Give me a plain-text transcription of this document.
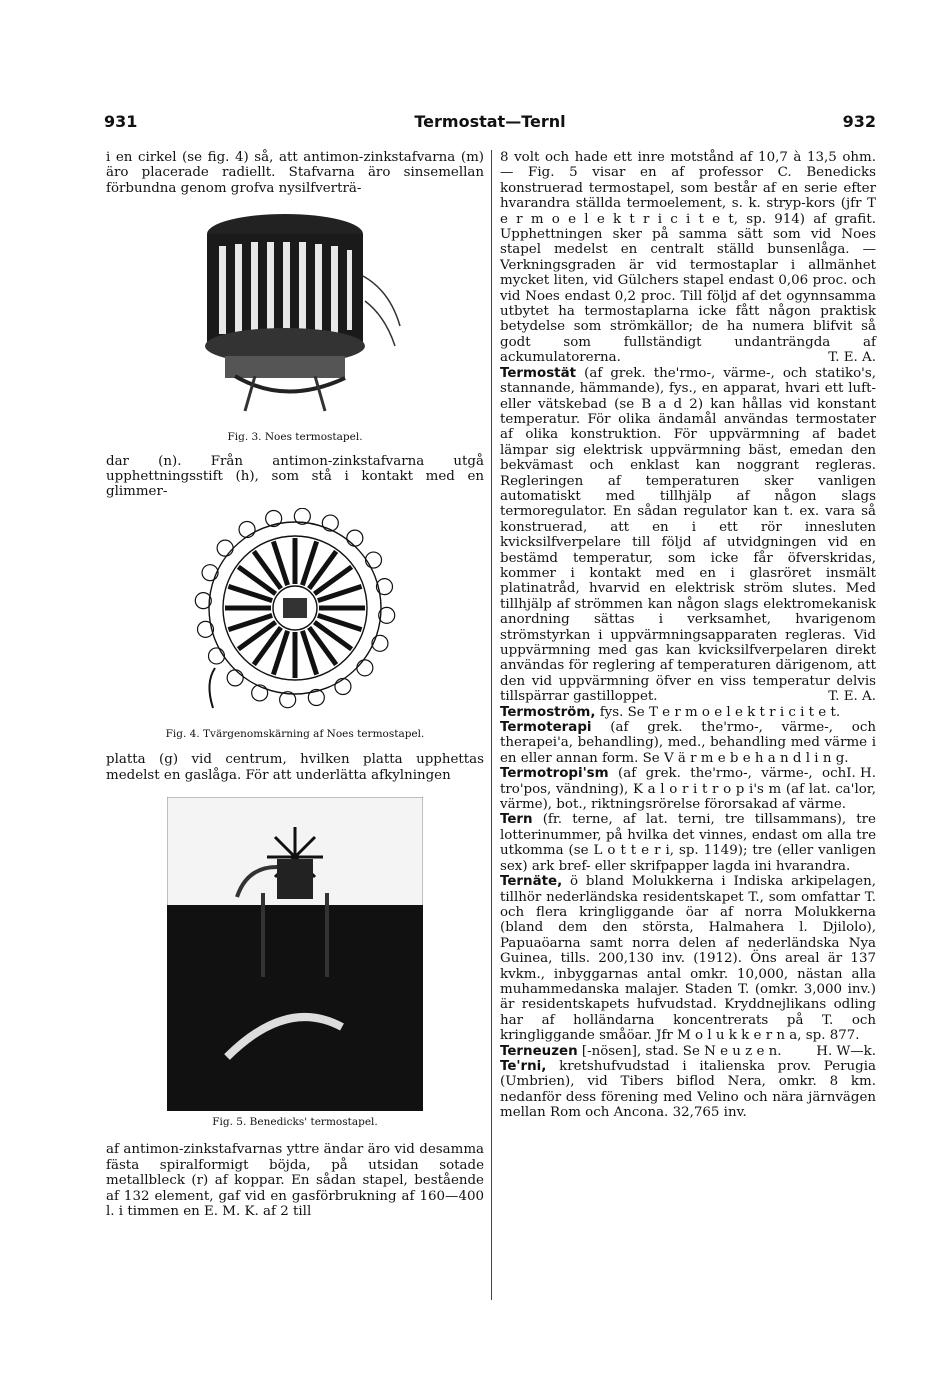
931	Termostat—Ternl	932

i en cirkel (se fig. 4) så, att antimon-zinkstafvarna (m) äro placerade radiellt. Stafvarna äro sinsemellan förbundna genom grofva nysilfverträ-

Fig. 3. Noes termostapel.

dar (n). Från antimon-zinkstafvarna utgå upphettningsstift (h), som stå i kontakt med en glimmer-

Fig. 4. Tvärgenomskärning af Noes termostapel.

platta (g) vid centrum, hvilken platta upphettas medelst en gaslåga. För att underlätta afkylningen

Fig. 5. Benedicks' termostapel.

af antimon-zinkstafvarnas yttre ändar äro vid desamma fästa spiralformigt böjda, på utsidan sotade metallbleck (r) af koppar. En sådan stapel, bestående af 132 element, gaf vid en gasförbrukning af 160—400 l. i timmen en E. M. K. af 2 till

8 volt och hade ett inre motstånd af 10,7 à 13,5 ohm. — Fig. 5 visar en af professor C. Benedicks konstruerad termostapel, som består af en serie efter hvarandra ställda termoelement, s. k. stryp-kors (jfr T e r m o e l e k t r i c i t e t, sp. 914) af grafit. Upphettningen sker på samma sätt som vid Noes stapel medelst en centralt ställd bunsenlåga. — Verkningsgraden är vid termostaplar i allmänhet mycket liten, vid Gülchers stapel endast 0,06 proc. och vid Noes endast 0,2 proc. Till följd af det ogynnsamma utbytet ha termostaplarna icke fått någon praktisk betydelse som strömkällor; de ha numera blifvit så godt som fullständigt undanträngda af ackumulatorerna.	T. E. A.

Termostät (af grek. the'rmo-, värme-, och statiko's, stannande, hämmande), fys., en apparat, hvari ett luft- eller vätskebad (se B a d 2) kan hållas vid konstant temperatur. För olika ändamål användas termostater af olika konstruktion. För uppvärmning af badet lämpar sig elektrisk uppvärmning bäst, emedan den bekvämast och enklast kan noggrant regleras. Regleringen af temperaturen sker vanligen automatiskt med tillhjälp af någon slags termoregulator. En sådan regulator kan t. ex. vara så konstruerad, att en i ett rör innesluten kvicksilfverpelare till följd af utvidgningen vid en bestämd temperatur, som icke får öfverskridas, kommer i kontakt med en i glasröret insmält platinatråd, hvarvid en elektrisk ström slutes. Med tillhjälp af strömmen kan någon slags elektromekanisk anordning sättas i verksamhet, hvarigenom strömstyrkan i uppvärmningsapparaten regleras. Vid uppvärmning med gas kan kvicksilfverpelaren direkt användas för reglering af temperaturen därigenom, att den vid uppvärmning öfver en viss temperatur delvis tillspärrar gastilloppet.	T. E. A.

Termoström, fys. Se T e r m o e l e k t r i c i t e t.

Termoterapi (af grek. the'rmo-, värme-, och therapei'a, behandling), med., behandling med värme i en eller annan form. Se V ä r m e b e h a n d l i n g.
I. H.

Termotropi'sm (af grek. the'rmo-, värme-, och tro'pos, vändning), K a l o r i t r o p i's m (af lat. ca'lor, värme), bot., riktningsrörelse förorsakad af värme.

Tern (fr. terne, af lat. terni, tre tillsammans), tre lotterinummer, på hvilka det vinnes, endast om alla tre utkomma (se L o t t e r i, sp. 1149); tre (eller vanligen sex) ark bref- eller skrifpapper lagda ini hvarandra.

Ternäte, ö bland Molukkerna i Indiska arkipelagen, tillhör nederländska residentskapet T., som omfattar T. och flera kringliggande öar af norra Molukkerna (bland dem den största, Halmahera l. Djilolo), Papuaöarna samt norra delen af nederländska Nya Guinea, tills. 200,130 inv. (1912). Öns areal är 137 kvkm., inbyggarnas antal omkr. 10,000, nästan alla muhammedanska malajer. Staden T. (omkr. 3,000 inv.) är residentskapets hufvudstad. Kryddnejlikans odling har af holländarna koncentrerats på T. och kringliggande småöar. Jfr M o l u k k e r n a, sp. 877.
H. W—k.

Terneuzen [-nösen], stad. Se N e u z e n.

Te'rni, kretshufvudstad i italienska prov. Perugia (Umbrien), vid Tibers biflod Nera, omkr. 8 km. nedanför dess förening med Velino och nära järnvägen mellan Rom och Ancona. 32,765 inv.
